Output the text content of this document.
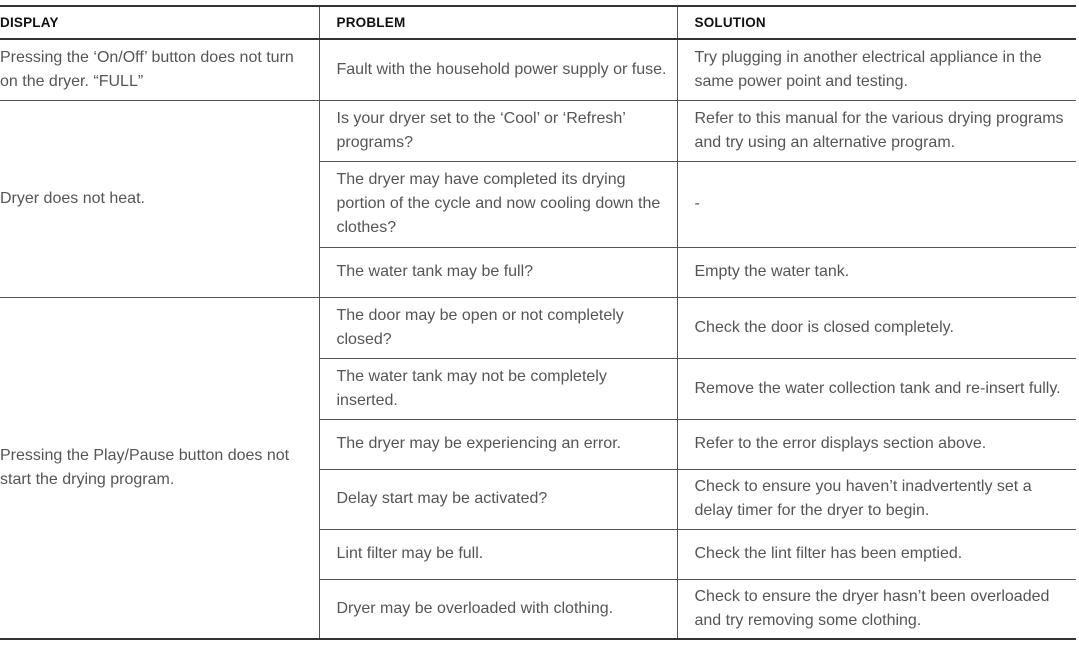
DISPLAY	PROBLEM	SOLUTION
Pressing the ‘On/Off’ button does not turn on the dryer. “FULL”	Fault with the household power supply or fuse.	Try plugging in another electrical appliance in the same power point and testing.
Dryer does not heat.	Is your dryer set to the ‘Cool’ or ‘Refresh’ programs?	Refer to this manual for the various drying programs and try using an alternative program.
	The dryer may have completed its drying portion of the cycle and now cooling down the clothes?	-
	The water tank may be full?	Empty the water tank.
Pressing the Play/Pause button does not start the drying program.	The door may be open or not completely closed?	Check the door is closed completely.
	The water tank may not be completely inserted.	Remove the water collection tank and re-insert fully.
	The dryer may be experiencing an error.	Refer to the error displays section above.
	Delay start may be activated?	Check to ensure you haven’t inadvertently set a delay timer for the dryer to begin.
	Lint filter may be full.	Check the lint filter has been emptied.
	Dryer may be overloaded with clothing.	Check to ensure the dryer hasn’t been overloaded and try removing some clothing.
